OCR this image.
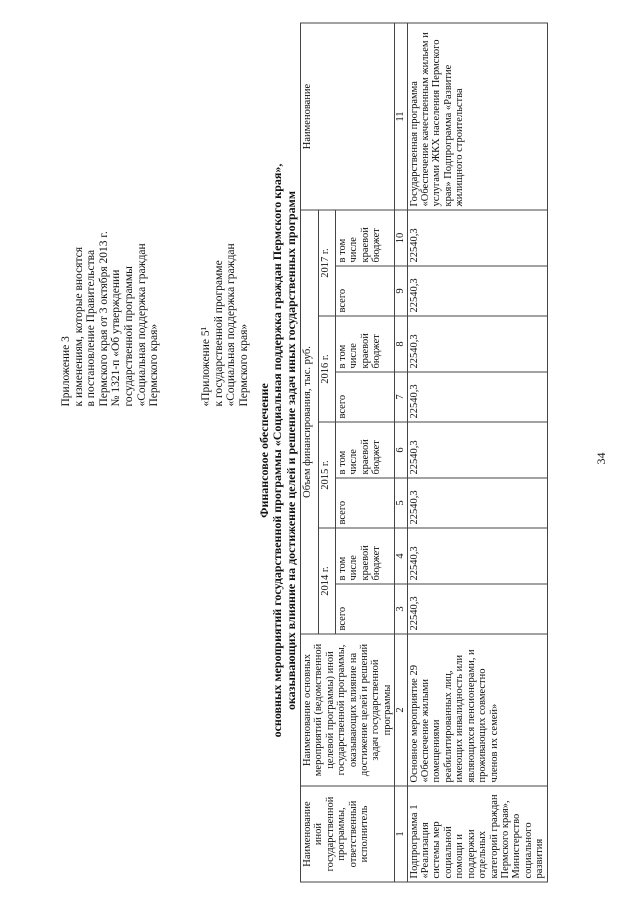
34
Приложение 3 к изменениям, которые вносятся в постановление Правительства Пермского края от 3 октября 2013 г. № 1321-п «Об утверждении государственной программы «Социальная поддержка граждан Пермского края»	«Приложение 5¹ к государственной программе «Социальная поддержка граждан Пермского края»
Финансовое обеспечение основных мероприятий государственной программы «Социальная поддержка граждан Пермского края», оказывающих влияние на достижение целей и решение задач иных государственных программ
Наименование иной государственной программы, ответственный исполнитель	Наименование основных мероприятий (ведомственной целевой программы) иной государственной программы, оказывающих влияние на достижение целей и решений задач государственной программы	Объем финансирования, тыс. руб.								Наименование
		2014 г.		2015 г.		2016 г.		2017 г.		
		всего	в том числе краевой бюджет	всего	в том числе краевой бюджет	всего	в том числе краевой бюджет	всего	в том числе краевой бюджет	
1	2	3	4	5	6	7	8	9	10	11
Подпрограмма 1 «Реализация системы мер социальной помощи и поддержки отдельных категорий граждан Пермского края», Министерство социального развития	Основное мероприятие 29 «Обеспечение жилыми помещениями реабилитированных лиц, имеющих инвалидность или являющихся пенсионерами, и проживающих совместно членов их семей»	22540,3	22540,3	22540,3	22540,3	22540,3	22540,3	22540,3	22540,3	Государственная программа «Обеспечение качественным жильем и услугами ЖКХ населения Пермского края» Подпрограмма «Развитие жилищного строительства
